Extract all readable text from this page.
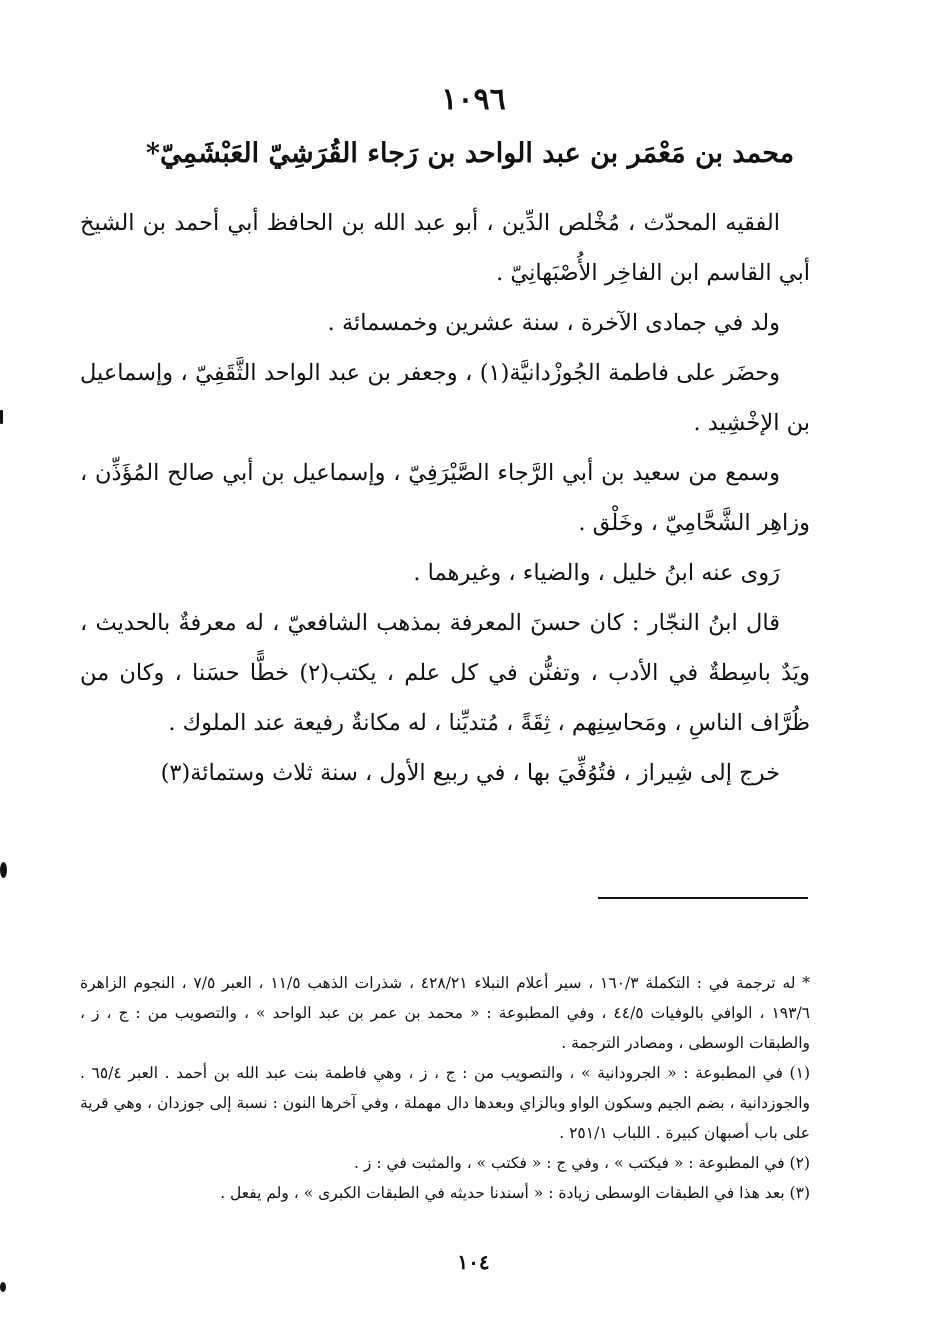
١٠٩٦
محمد بن مَعْمَر بن عبد الواحد بن رَجاء القُرَشِيّ العَبْشَمِيّ*

الفقيه المحدّث ، مُخْلص الدِّين ، أبو عبد الله بن الحافظ أبي أحمد بن الشيخ أبي القاسم ابن الفاخِر الأُصْبَهانِيّ .

ولد في جمادى الآخرة ، سنة عشرين وخمسمائة .

وحضَر على فاطمة الجُوزْدانيَّة(١) ، وجعفر بن عبد الواحد الثَّقَفِيّ ، وإسماعيل بن الإخْشِيد .

وسمع من سعيد بن أبي الرَّجاء الصَّيْرَفِيّ ، وإسماعيل بن أبي صالح المُؤَذِّن ، وزاهِر الشَّحَّامِيّ ، وخَلْق .

رَوى عنه ابنُ خليل ، والضياء ، وغيرهما .

قال ابنُ النجّار : كان حسنَ المعرفة بمذهب الشافعيّ ، له معرفةٌ بالحديث ، ويَدٌ باسِطةٌ في الأدب ، وتفنُّن في كل علم ، يكتب(٢) خطًّا حسَنا ، وكان من ظُرَّاف الناسِ ، ومَحاسِنِهم ، ثِقَةً ، مُتديِّنا ، له مكانةٌ رفيعة عند الملوك .

خرج إلى شِيراز ، فتُوُفِّيَ بها ، في ربيع الأول ، سنة ثلاث وستمائة(٣)

* له ترجمة في : التكملة ١٦٠/٣ ، سير أعلام النبلاء ٤٢٨/٢١ ، شذرات الذهب ١١/٥ ، العبر ٧/٥ ، النجوم الزاهرة ١٩٣/٦ ، الوافي بالوفيات ٤٤/٥ ، وفي المطبوعة : « محمد بن عمر بن عبد الواحد » ، والتصويب من : ج ، ز ، والطبقات الوسطى ، ومصادر الترجمة .

(١) في المطبوعة : « الجرودانية » ، والتصويب من : ج ، ز ، وهي فاطمة بنت عبد الله بن أحمد . العبر ٦٥/٤ . والجوزدانية ، بضم الجيم وسكون الواو وبالزاي وبعدها دال مهملة ، وفي آخرها النون : نسبة إلى جوزدان ، وهي قرية على باب أصبهان كبيرة . اللباب ٢٥١/١ .

(٢) في المطبوعة : « فيكتب » ، وفي ج : « فكتب » ، والمثبت في : ز .

(٣) بعد هذا في الطبقات الوسطى زيادة : « أسندنا حديثه في الطبقات الكبرى » ، ولم يفعل .

١٠٤
